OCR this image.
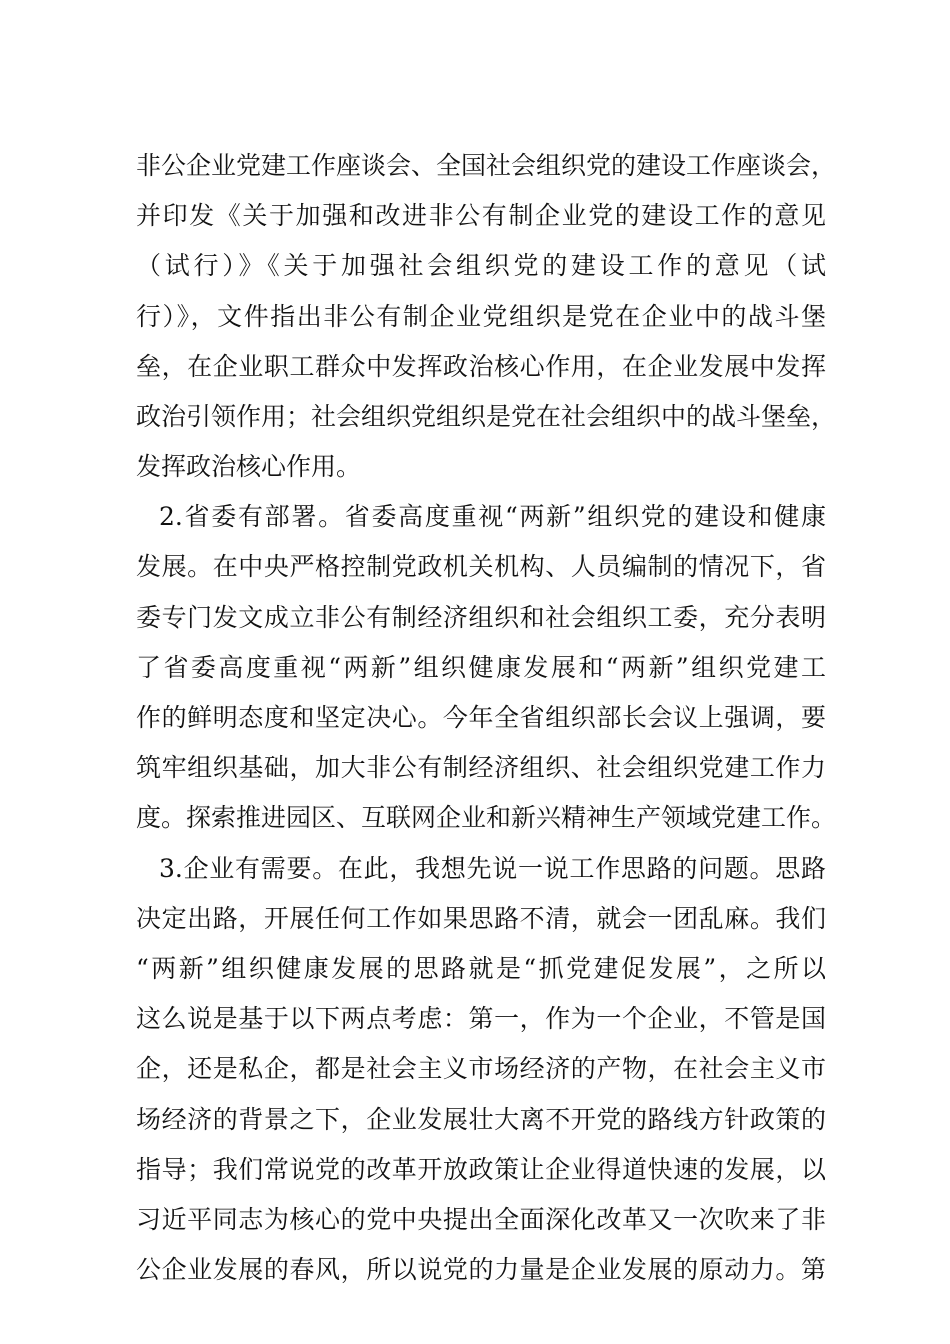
非公企业党建工作座谈会、全国社会组织党的建设工作座谈会，

并印发《关于加强和改进非公有制企业党的建设工作的意见

（试行）》《关于加强社会组织党的建设工作的意见（试

行）》，文件指出非公有制企业党组织是党在企业中的战斗堡

垒，在企业职工群众中发挥政治核心作用，在企业发展中发挥

政治引领作用；社会组织党组织是党在社会组织中的战斗堡垒，

发挥政治核心作用。

2.省委有部署。省委高度重视“两新”组织党的建设和健康

发展。在中央严格控制党政机关机构、人员编制的情况下，省

委专门发文成立非公有制经济组织和社会组织工委，充分表明

了省委高度重视“两新”组织健康发展和“两新”组织党建工

作的鲜明态度和坚定决心。今年全省组织部长会议上强调，要

筑牢组织基础，加大非公有制经济组织、社会组织党建工作力

度。探索推进园区、互联网企业和新兴精神生产领域党建工作。

3.企业有需要。在此，我想先说一说工作思路的问题。思路

决定出路，开展任何工作如果思路不清，就会一团乱麻。我们

“两新”组织健康发展的思路就是“抓党建促发展”，之所以

这么说是基于以下两点考虑：第一，作为一个企业，不管是国

企，还是私企，都是社会主义市场经济的产物，在社会主义市

场经济的背景之下，企业发展壮大离不开党的路线方针政策的

指导；我们常说党的改革开放政策让企业得道快速的发展，以

习近平同志为核心的党中央提出全面深化改革又一次吹来了非

公企业发展的春风，所以说党的力量是企业发展的原动力。第
